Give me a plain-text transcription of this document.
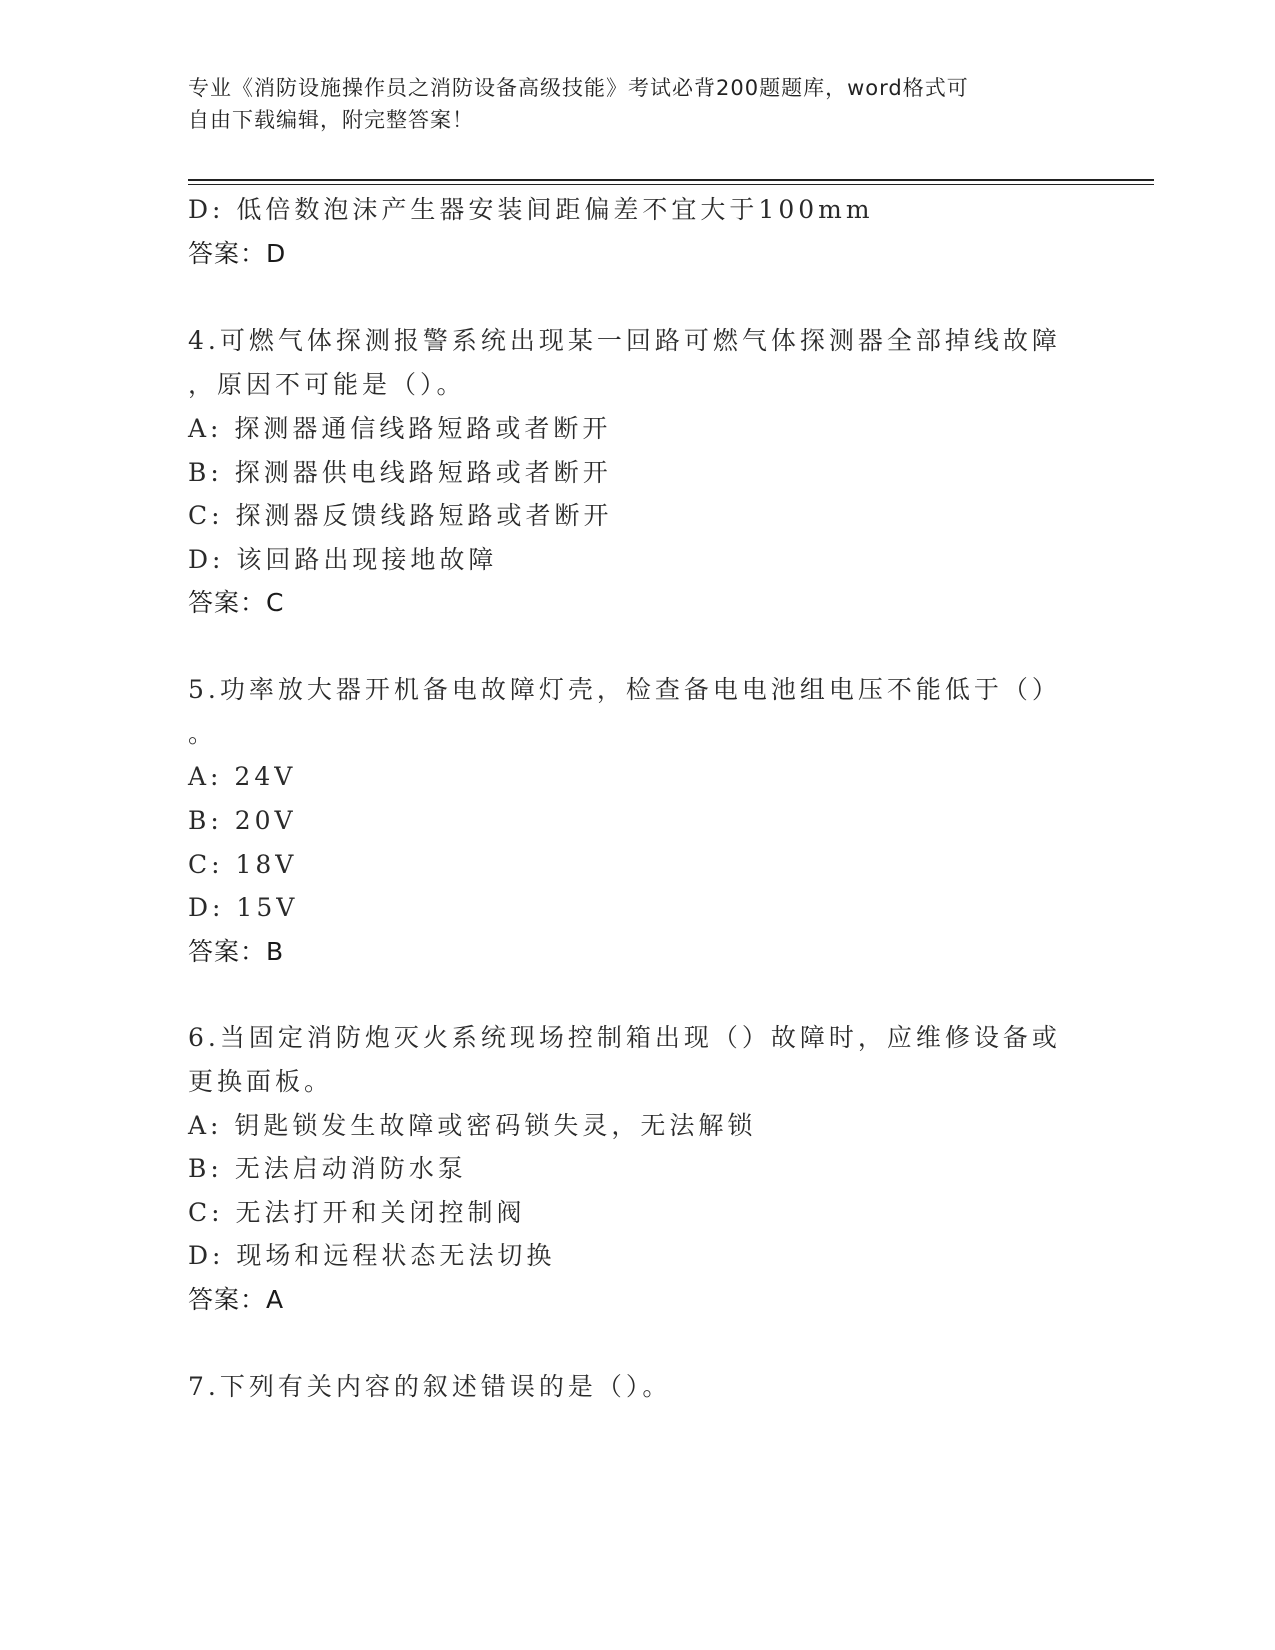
专业《消防设施操作员之消防设备高级技能》考试必背200题题库，word格式可
自由下载编辑，附完整答案！
D: 低倍数泡沫产生器安装间距偏差不宜大于100mm
答案：D
4.可燃气体探测报警系统出现某一回路可燃气体探测器全部掉线故障
，原因不可能是（）。
A: 探测器通信线路短路或者断开
B: 探测器供电线路短路或者断开
C: 探测器反馈线路短路或者断开
D: 该回路出现接地故障
答案：C
5.功率放大器开机备电故障灯壳，检查备电电池组电压不能低于（）
。
A: 24V
B: 20V
C: 18V
D: 15V
答案：B
6.当固定消防炮灭火系统现场控制箱出现（）故障时，应维修设备或
更换面板。
A: 钥匙锁发生故障或密码锁失灵，无法解锁
B: 无法启动消防水泵
C: 无法打开和关闭控制阀
D: 现场和远程状态无法切换
答案：A
7.下列有关内容的叙述错误的是（）。
